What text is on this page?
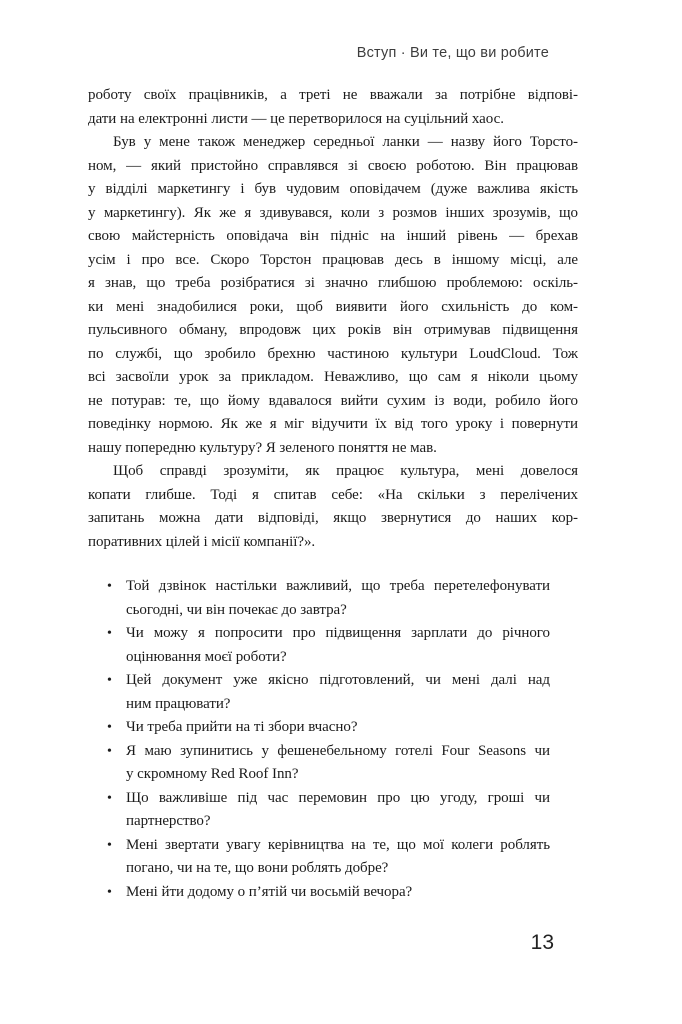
Вступ · Ви те, що ви робите
роботу своїх працівників, а треті не вважали за потрібне відпові-
дати на електронні листи — це перетворилося на суцільний хаос.
Був у мене також менеджер середньої ланки — назву його Торсто-
ном, — який пристойно справлявся зі своєю роботою. Він працював
у відділі маркетингу і був чудовим оповідачем (дуже важлива якість
у маркетингу). Як же я здивувався, коли з розмов інших зрозумів, що
свою майстерність оповідача він підніс на інший рівень — брехав
усім і про все. Скоро Торстон працював десь в іншому місці, але
я знав, що треба розібратися зі значно глибшою проблемою: оскіль-
ки мені знадобилися роки, щоб виявити його схильність до ком-
пульсивного обману, впродовж цих років він отримував підвищення
по службі, що зробило брехню частиною культури LoudCloud. Тож
всі засвоїли урок за прикладом. Неважливо, що сам я ніколи цьому
не потурав: те, що йому вдавалося вийти сухим із води, робило його
поведінку нормою. Як же я міг відучити їх від того уроку і повернути
нашу попередню культуру? Я зеленого поняття не мав.
Щоб справді зрозуміти, як працює культура, мені довелося
копати глибше. Тоді я спитав себе: «На скільки з перелічених
запитань можна дати відповіді, якщо звернутися до наших кор-
поративних цілей і місії компанії?».
• Той дзвінок настільки важливий, що треба перетелефонувати
сьогодні, чи він почекає до завтра?
• Чи можу я попросити про підвищення зарплати до річного
оцінювання моєї роботи?
• Цей документ уже якісно підготовлений, чи мені далі над
ним працювати?
• Чи треба прийти на ті збори вчасно?
• Я маю зупинитись у фешенебельному готелі Four Seasons чи
у скромному Red Roof Inn?
• Що важливіше під час перемовин про цю угоду, гроші чи
партнерство?
• Мені звертати увагу керівництва на те, що мої колеги роблять
погано, чи на те, що вони роблять добре?
• Мені йти додому о п’ятій чи восьмій вечора?
13
